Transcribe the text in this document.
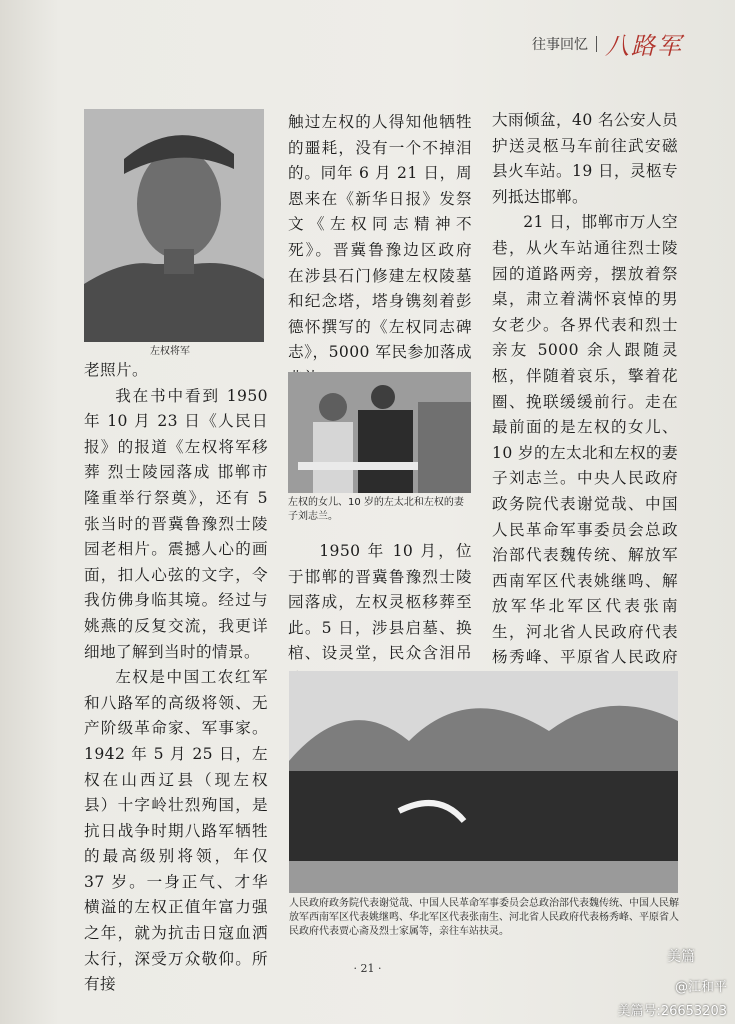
往事回忆 八路军
左权将军

老照片。

我在书中看到 1950 年 10 月 23 日《人民日报》的报道《左权将军移葬 烈士陵园落成 邯郸市隆重举行祭奠》，还有 5 张当时的晋冀鲁豫烈士陵园老相片。震撼人心的画面，扣人心弦的文字，令我仿佛身临其境。经过与姚燕的反复交流，我更详细地了解到当时的情景。

左权是中国工农红军和八路军的高级将领、无产阶级革命家、军事家。1942 年 5 月 25 日，左权在山西辽县（现左权县）十字岭壮烈殉国，是抗日战争时期八路军牺牲的最高级别将领，年仅 37 岁。一身正气、才华横溢的左权正值年富力强之年，就为抗击日寇血洒太行，深受万众敬仰。所有接

触过左权的人得知他牺牲的噩耗，没有一个不掉泪的。同年 6 月 21 日，周恩来在《新华日报》发祭文《左权同志精神不死》。晋冀鲁豫边区政府在涉县石门修建左权陵墓和纪念塔，塔身镌刻着彭德怀撰写的《左权同志碑志》，5000 军民参加落成

左权的女儿、10 岁的左太北和左权的妻子刘志兰。

1950 年 10 月，位于邯郸的晋冀鲁豫烈士陵园落成，左权灵柩移葬至此。5 日，涉县启墓、换棺、设灵堂，民众含泪吊

大雨倾盆，40 名公安人员护送灵柩马车前往武安磁县火车站。19 日，灵柩专列抵达邯郸。

21 日，邯郸市万人空巷，从火车站通往烈士陵园的道路两旁，摆放着祭桌，肃立着满怀哀悼的男女老少。各界代表和烈士亲友 5000 余人跟随灵柩，伴随着哀乐，擎着花圈、挽联缓缓前行。走在最前面的是左权的女儿、10 岁的左太北和左权的妻子刘志兰。中央人民政府政务院代表谢觉哉、中国人民革命军事委员会总政治部代表魏传统、解放军西南军区代表姚继鸣、解放军华北军区代表张南生，河北省人民政府代表杨秀峰、平原省人民政府

人民政府政务院代表谢觉哉、中国人民革命军事委员会总政治部代表魏传统、中国人民解放军西南军区代表姚继鸣、华北军区代表张南生、河北省人民政府代表杨秀峰、平原省人民政府代表贾心斋及烈士家属等，亲往车站扶灵。
· 21 ·
美篇
@江和平
美篇号:26653203
